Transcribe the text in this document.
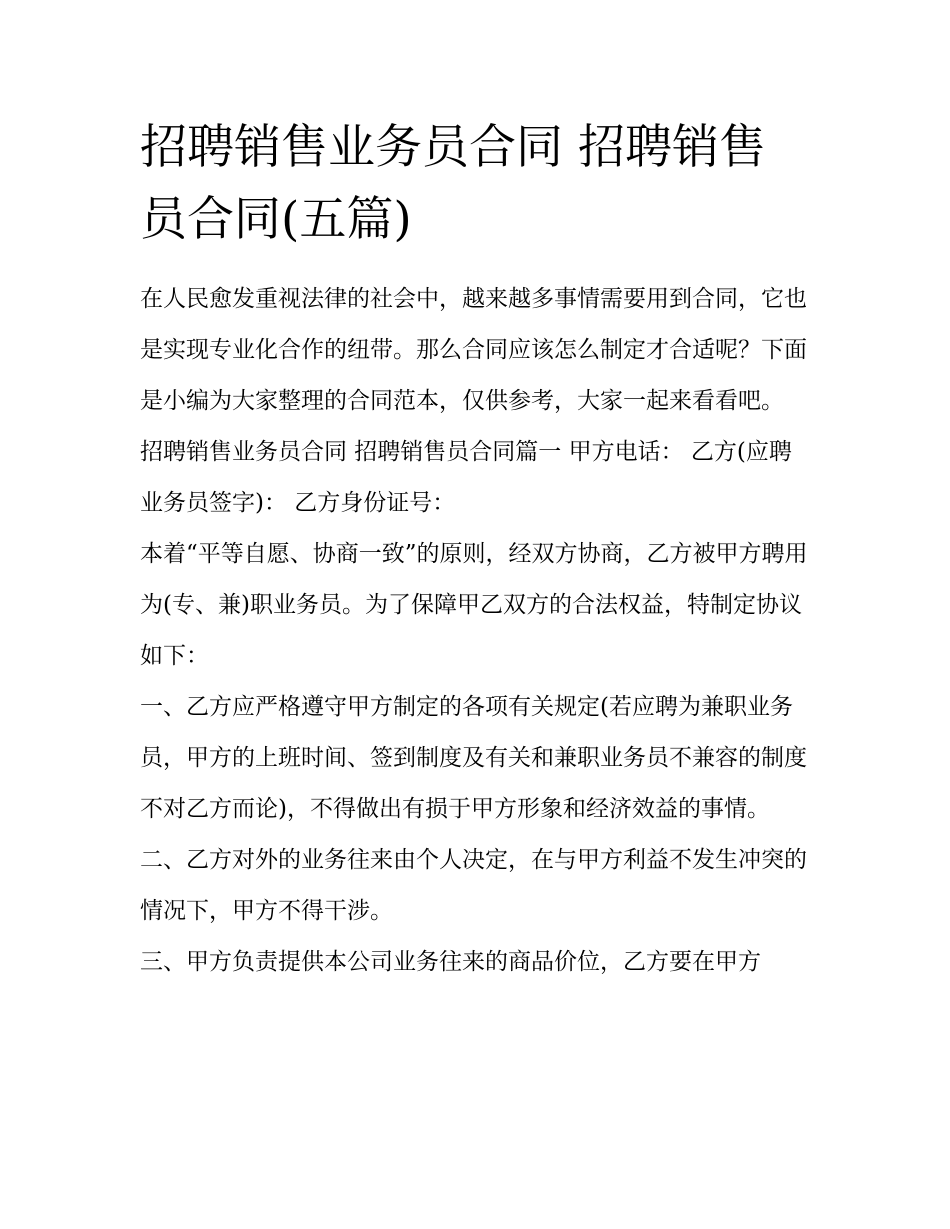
招聘销售业务员合同 招聘销售员合同(五篇)

在人民愈发重视法律的社会中，越来越多事情需要用到合同，它也是实现专业化合作的纽带。那么合同应该怎么制定才合适呢？下面是小编为大家整理的合同范本，仅供参考，大家一起来看看吧。

招聘销售业务员合同 招聘销售员合同篇一 甲方电话： 乙方(应聘业务员签字)： 乙方身份证号：

本着“平等自愿、协商一致”的原则，经双方协商，乙方被甲方聘用为(专、兼)职业务员。为了保障甲乙双方的合法权益，特制定协议如下：

一、乙方应严格遵守甲方制定的各项有关规定(若应聘为兼职业务员，甲方的上班时间、签到制度及有关和兼职业务员不兼容的制度不对乙方而论)，不得做出有损于甲方形象和经济效益的事情。

二、乙方对外的业务往来由个人决定，在与甲方利益不发生冲突的情况下，甲方不得干涉。

三、甲方负责提供本公司业务往来的商品价位，乙方要在甲方
